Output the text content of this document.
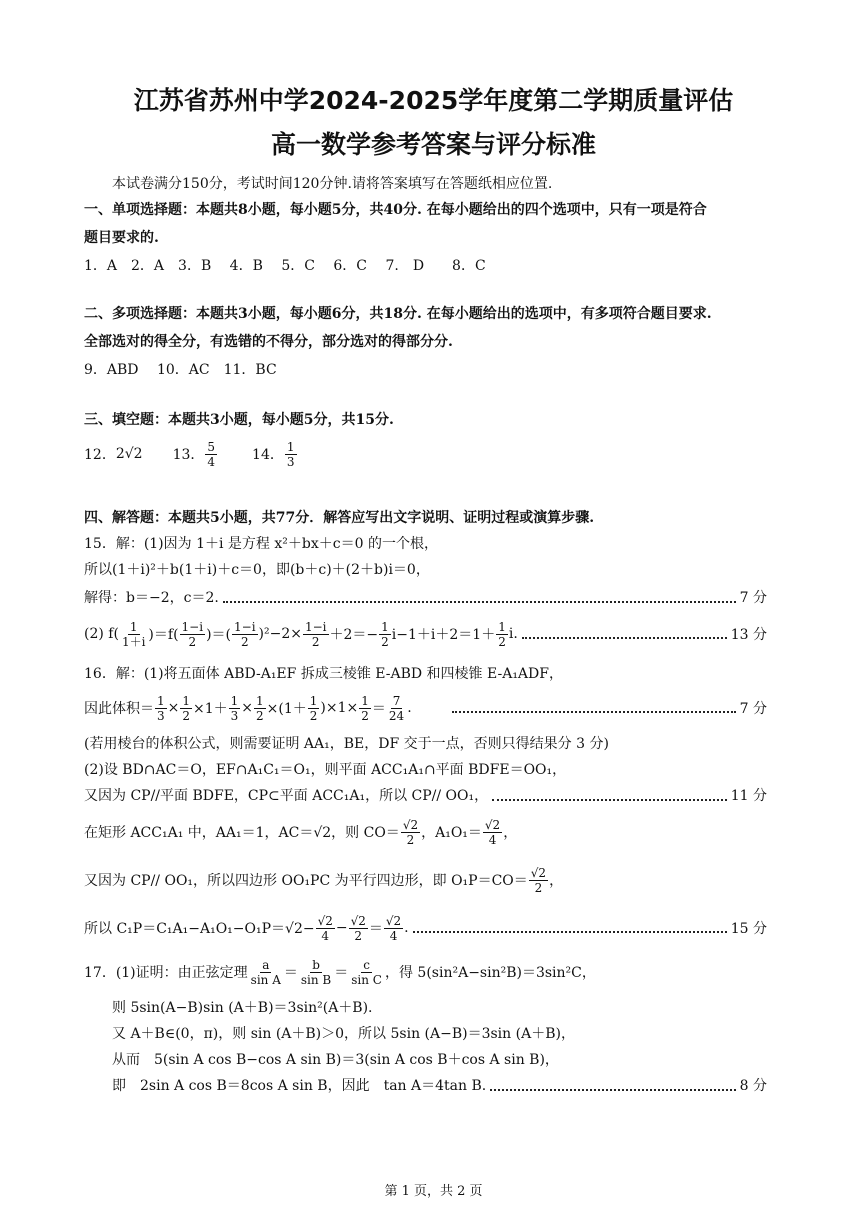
江苏省苏州中学2024-2025学年度第二学期质量评估
高一数学参考答案与评分标准
本试卷满分150分，考试时间120分钟.请将答案填写在答题纸相应位置.
一、单项选择题：本题共8小题，每小题5分，共40分. 在每小题给出的四个选项中，只有一项是符合
题目要求的.
1．A　2．A　3．B　 4．B　 5．C　 6．C　 7.　D　　8．C
二、多项选择题：本题共3小题，每小题6分，共18分. 在每小题给出的选项中，有多项符合题目要求.
全部选对的得全分，有选错的不得分，部分选对的得部分分.
9．ABD　 10．AC　11．BC
三、填空题：本题共3小题，每小题5分，共15分.
12． 2√2 13． $\frac{5}{4}$	14． $\frac{1}{3}$
四、解答题：本题共5小题，共77分．解答应写出文字说明、证明过程或演算步骤.
15．解：(1)因为 1＋i 是方程 x²＋bx＋c＝0 的一个根，
所以(1＋i)²＋b(1＋i)＋c＝0，即(b＋c)＋(2＋b)i＝0，
解得：b＝−2，c＝2.	7 分
(2) $f( \frac{1}{1+i} )=f( \frac{1-i}{2}$ )＝( $\frac{1-i}{2} )^2-2\times \frac{1-i}{2} +2=- \frac{1}{2} i-1+i+2=1+ \frac{1}{2} i$.	13 分
16．解：(1)将五面体 ABD-A₁EF 拆成三棱锥 E-ABD 和四棱锥 E-A₁ADF，
因此体积＝ $\frac{1}{3} \times \frac{1}{2} \times 1+ \frac{1}{3} \times \frac{1}{2} \times(1+ \frac{1}{2} )\times 1\times \frac{1}{2} = \frac{7}{24}$ .	7 分
(若用棱台的体积公式，则需要证明 AA₁，BE，DF 交于一点，否则只得结果分 3 分)
(2)设 BD∩AC＝O，EF∩A₁C₁＝O₁，则平面 ACC₁A₁∩平面 BDFE＝OO₁，
又因为 CP//平面 BDFE，CP⊂平面 ACC₁A₁，所以 CP// OO₁，	11 分
在矩形 ACC₁A₁ 中，AA₁＝1，AC＝√2，则 $CO= \frac{√2}{2}$ ，$A_1O_1= \frac{√2}{4}$ ，
又因为 CP// OO₁，所以四边形 OO₁PC 为平行四边形，即 $O_1P=CO= \frac{√2}{2}$ ，
所以 $C_1P=C_1A_1-A_1O_1-O_1P=√2- \frac{√2}{4} - \frac{√2}{2} = \frac{√2}{4}$ .	15 分
17．(1)证明：由正弦定理 $\frac{a}{\text{sin A}} = \frac{b}{\text{sin B}} = \frac{c}{\text{sin C}}$ ，得 5(sin²A−sin²B)＝3sin²C，
则 5sin(A−B)sin (A＋B)＝3sin²(A＋B).
又 A＋B∈(0，π)，则 sin (A＋B)＞0，所以 5sin (A−B)＝3sin (A＋B)，
从而　5(sin A cos B−cos A sin B)＝3(sin A cos B＋cos A sin B)，
即　2sin A cos B＝8cos A sin B，因此　tan A＝4tan B.	8 分
第 1 页，共 2 页
